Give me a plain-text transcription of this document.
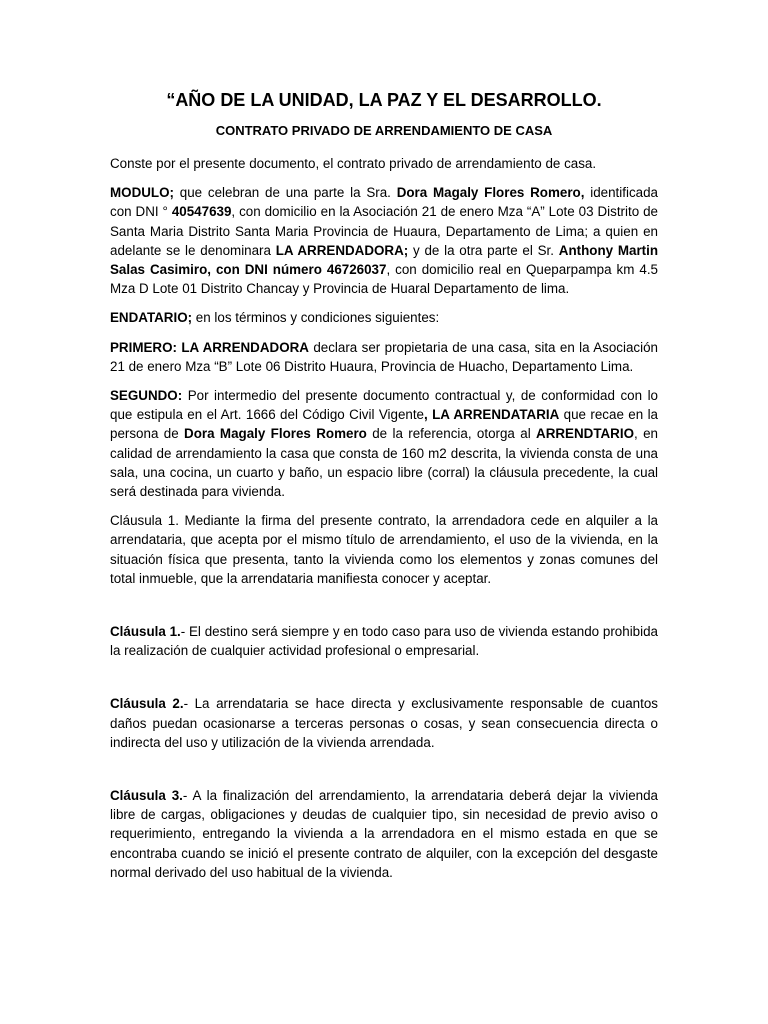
“AÑO DE LA UNIDAD, LA PAZ Y EL DESARROLLO.
CONTRATO PRIVADO DE ARRENDAMIENTO DE CASA

Conste por el presente documento, el contrato privado de arrendamiento de casa.

MODULO; que celebran de una parte la Sra. Dora Magaly Flores Romero, identificada con DNI ° 40547639, con domicilio en la Asociación 21 de enero Mza “A” Lote 03 Distrito de Santa Maria Distrito Santa Maria Provincia de Huaura, Departamento de Lima; a quien en adelante se le denominara LA ARRENDADORA; y de la otra parte el Sr. Anthony Martin Salas Casimiro, con DNI número 46726037, con domicilio real en Queparpampa km 4.5 Mza D Lote 01 Distrito Chancay y Provincia de Huaral Departamento de lima.

ENDATARIO; en los términos y condiciones siguientes:

PRIMERO: LA ARRENDADORA declara ser propietaria de una casa, sita en la Asociación 21 de enero Mza “B” Lote 06 Distrito Huaura, Provincia de Huacho, Departamento Lima.

SEGUNDO: Por intermedio del presente documento contractual y, de conformidad con lo que estipula en el Art. 1666 del Código Civil Vigente, LA ARRENDATARIA que recae en la persona de Dora Magaly Flores Romero de la referencia, otorga al ARRENDTARIO, en calidad de arrendamiento la casa que consta de 160 m2 descrita, la vivienda consta de una sala, una cocina, un cuarto y baño, un espacio libre (corral) la cláusula precedente, la cual será destinada para vivienda.

Cláusula 1. Mediante la firma del presente contrato, la arrendadora cede en alquiler a la arrendataria, que acepta por el mismo título de arrendamiento, el uso de la vivienda, en la situación física que presenta, tanto la vivienda como los elementos y zonas comunes del total inmueble, que la arrendataria manifiesta conocer y aceptar.

Cláusula 1.- El destino será siempre y en todo caso para uso de vivienda estando prohibida la realización de cualquier actividad profesional o empresarial.

Cláusula 2.- La arrendataria se hace directa y exclusivamente responsable de cuantos daños puedan ocasionarse a terceras personas o cosas, y sean consecuencia directa o indirecta del uso y utilización de la vivienda arrendada.

Cláusula 3.- A la finalización del arrendamiento, la arrendataria deberá dejar la vivienda libre de cargas, obligaciones y deudas de cualquier tipo, sin necesidad de previo aviso o requerimiento, entregando la vivienda a la arrendadora en el mismo estada en que se encontraba cuando se inició el presente contrato de alquiler, con la excepción del desgaste normal derivado del uso habitual de la vivienda.
